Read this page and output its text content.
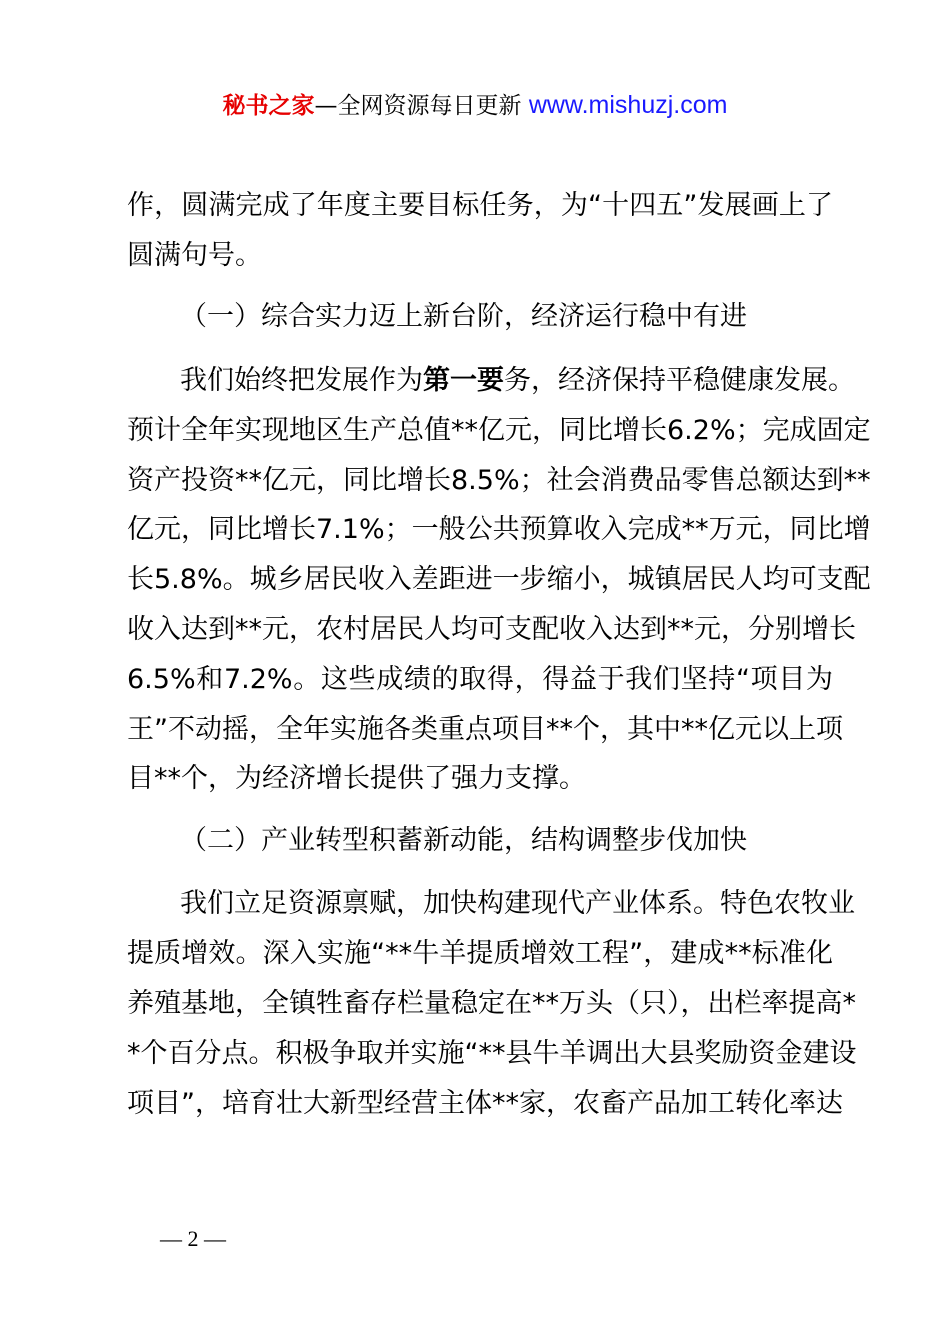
秘书之家—全网资源每日更新 www.mishuzj.com
作，圆满完成了年度主要目标任务，为“十四五”发展画上了
圆满句号。
（一）综合实力迈上新台阶，经济运行稳中有进
我们始终把发展作为第一要务，经济保持平稳健康发展。
预计全年实现地区生产总值**亿元，同比增长6.2%；完成固定
资产投资**亿元，同比增长8.5%；社会消费品零售总额达到**
亿元，同比增长7.1%；一般公共预算收入完成**万元，同比增
长5.8%。城乡居民收入差距进一步缩小，城镇居民人均可支配
收入达到**元，农村居民人均可支配收入达到**元，分别增长
6.5%和7.2%。这些成绩的取得，得益于我们坚持“项目为
王”不动摇，全年实施各类重点项目**个，其中**亿元以上项
目**个，为经济增长提供了强力支撑。
（二）产业转型积蓄新动能，结构调整步伐加快
我们立足资源禀赋，加快构建现代产业体系。特色农牧业
提质增效。深入实施“**牛羊提质增效工程”，建成**标准化
养殖基地，全镇牲畜存栏量稳定在**万头（只），出栏率提高*
*个百分点。积极争取并实施“**县牛羊调出大县奖励资金建设
项目”，培育壮大新型经营主体**家，农畜产品加工转化率达
— 2 —
